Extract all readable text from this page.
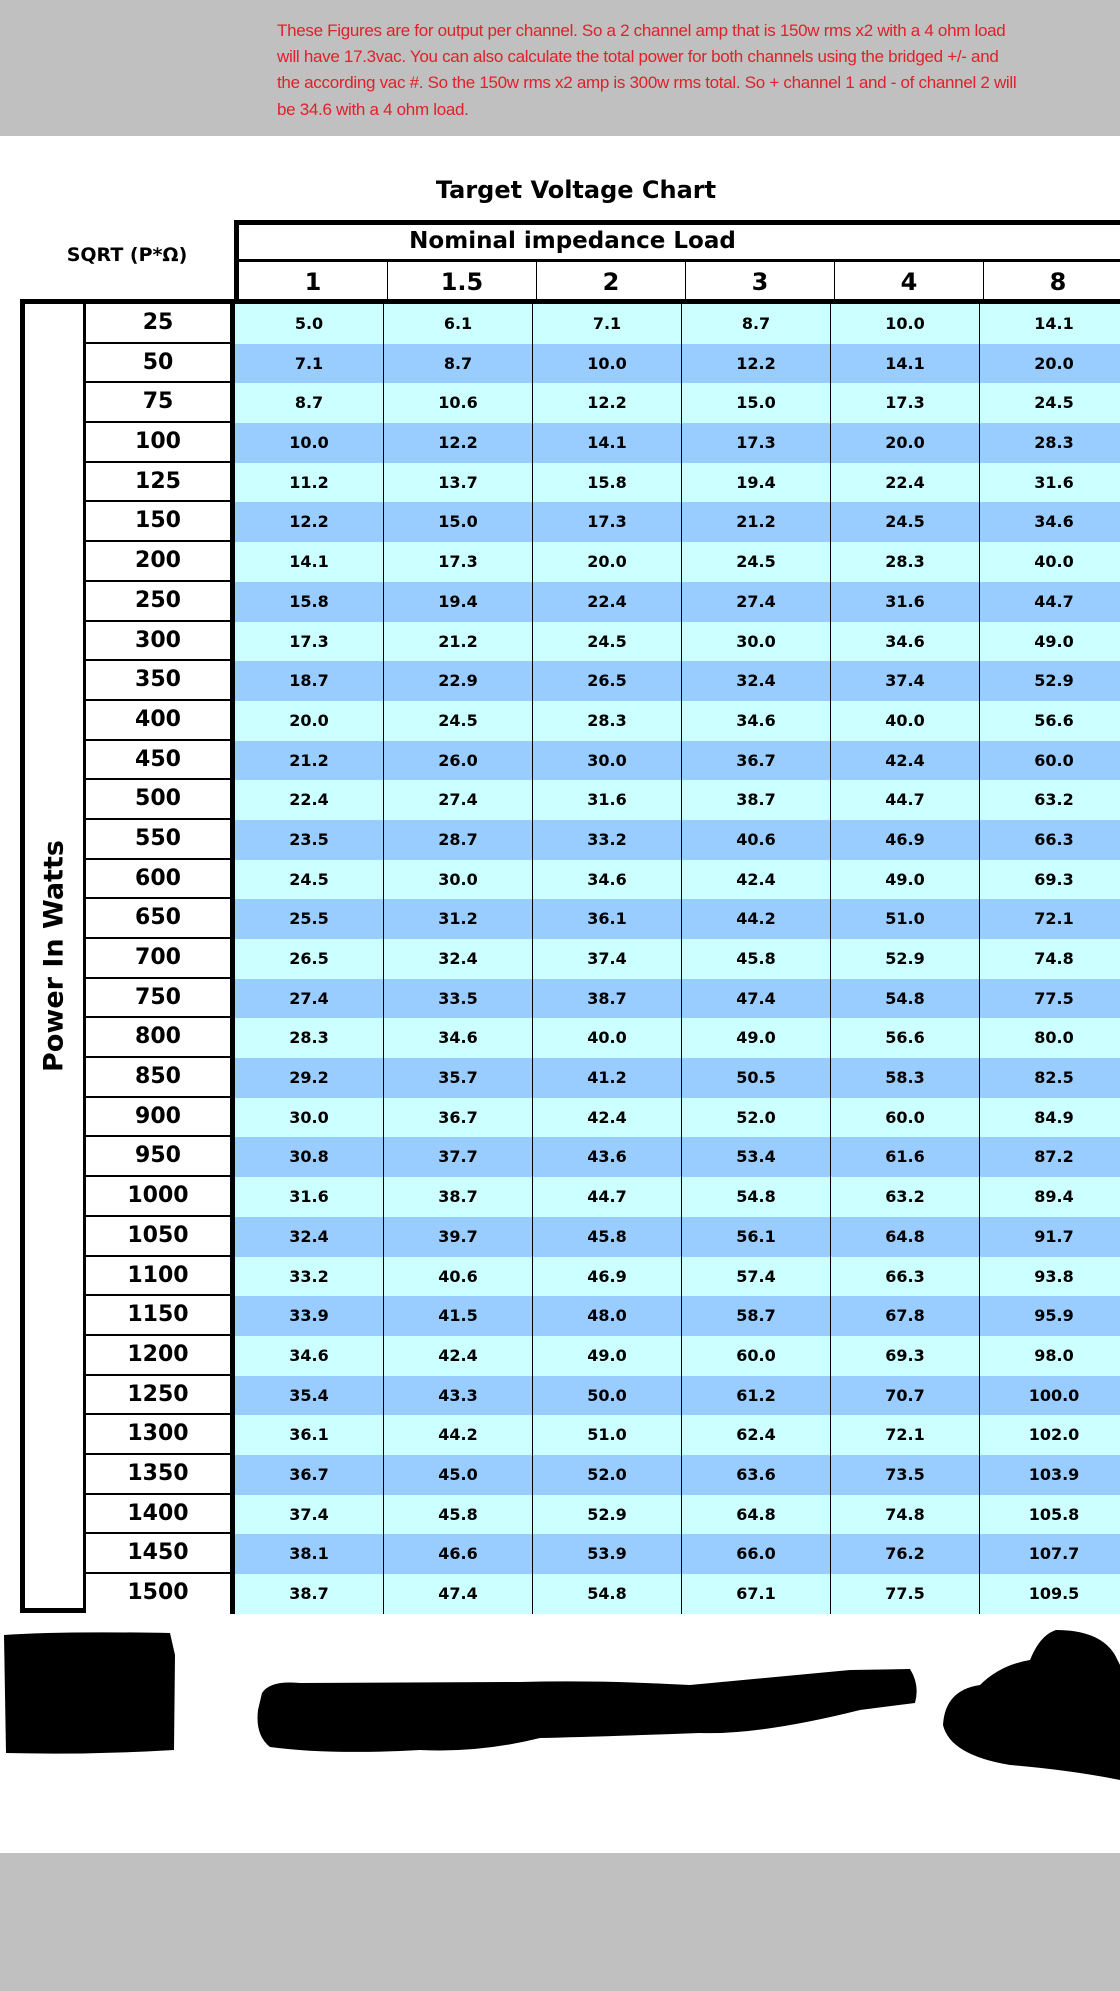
These Figures are for output per channel. So a 2 channel amp that is 150w rms x2 with a 4 ohm load will have 17.3vac. You can also calculate the total power for both channels using the bridged +/- and the according vac #. So the 150w rms x2 amp is 300w rms total. So + channel 1 and - of channel 2 will be 34.6 with a 4 ohm load.
Target Voltage Chart
SQRT (P*Ω)
Nominal impedance Load
1	1.5	2	3	4	8
Power In Watts
25	5.0	6.1	7.1	8.7	10.0	14.1
50	7.1	8.7	10.0	12.2	14.1	20.0
75	8.7	10.6	12.2	15.0	17.3	24.5
100	10.0	12.2	14.1	17.3	20.0	28.3
125	11.2	13.7	15.8	19.4	22.4	31.6
150	12.2	15.0	17.3	21.2	24.5	34.6
200	14.1	17.3	20.0	24.5	28.3	40.0
250	15.8	19.4	22.4	27.4	31.6	44.7
300	17.3	21.2	24.5	30.0	34.6	49.0
350	18.7	22.9	26.5	32.4	37.4	52.9
400	20.0	24.5	28.3	34.6	40.0	56.6
450	21.2	26.0	30.0	36.7	42.4	60.0
500	22.4	27.4	31.6	38.7	44.7	63.2
550	23.5	28.7	33.2	40.6	46.9	66.3
600	24.5	30.0	34.6	42.4	49.0	69.3
650	25.5	31.2	36.1	44.2	51.0	72.1
700	26.5	32.4	37.4	45.8	52.9	74.8
750	27.4	33.5	38.7	47.4	54.8	77.5
800	28.3	34.6	40.0	49.0	56.6	80.0
850	29.2	35.7	41.2	50.5	58.3	82.5
900	30.0	36.7	42.4	52.0	60.0	84.9
950	30.8	37.7	43.6	53.4	61.6	87.2
1000	31.6	38.7	44.7	54.8	63.2	89.4
1050	32.4	39.7	45.8	56.1	64.8	91.7
1100	33.2	40.6	46.9	57.4	66.3	93.8
1150	33.9	41.5	48.0	58.7	67.8	95.9
1200	34.6	42.4	49.0	60.0	69.3	98.0
1250	35.4	43.3	50.0	61.2	70.7	100.0
1300	36.1	44.2	51.0	62.4	72.1	102.0
1350	36.7	45.0	52.0	63.6	73.5	103.9
1400	37.4	45.8	52.9	64.8	74.8	105.8
1450	38.1	46.6	53.9	66.0	76.2	107.7
1500	38.7	47.4	54.8	67.1	77.5	109.5
